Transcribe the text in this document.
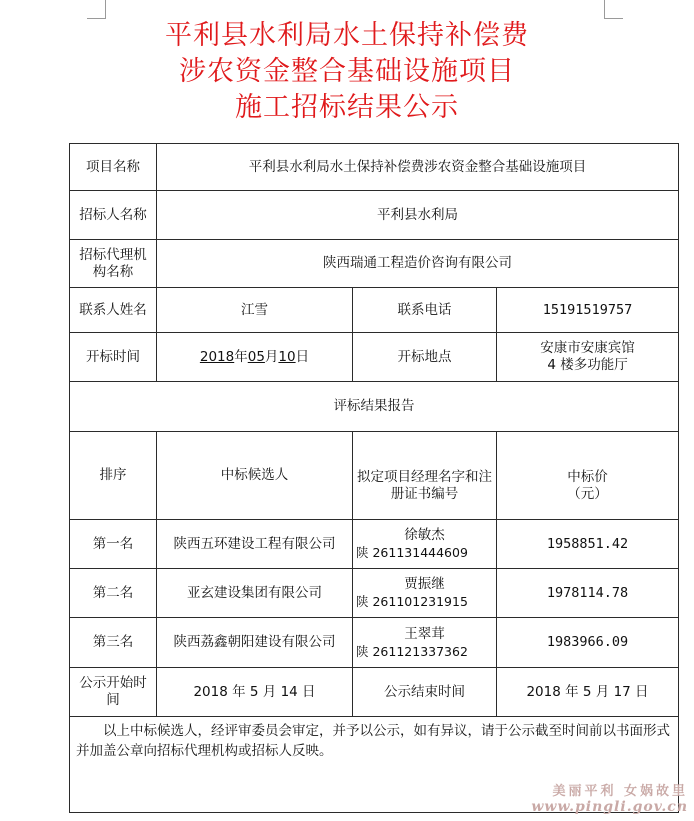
平利县水利局水土保持补偿费
涉农资金整合基础设施项目
施工招标结果公示
项目名称	平利县水利局水土保持补偿费涉农资金整合基础设施项目		
招标人名称	平利县水利局		
招标代理机构名称	陕西瑞通工程造价咨询有限公司		
联系人姓名	江雪	联系电话	15191519757
开标时间	2018年05月10日	开标地点	安康市安康宾馆
4 楼多功能厅

评标结果报告			
排序	中标候选人	拟定项目经理名字和注册证书编号	中标价
（元）

第一名	陕西五环建设工程有限公司	徐敏杰
陕 261131444609	1958851.42
第二名	亚玄建设集团有限公司	贾振继
陕 261101231915	1978114.78
第三名	陕西荔鑫朝阳建设有限公司	王翠茸
陕 261121337362	1983966.09
公示开始时间	2018 年 5 月 14 日	公示结束时间	2018 年 5 月 17 日
以上中标候选人，经评审委员会审定，并予以公示，如有异议，请于公示截至时间前以书面形式并加盖公章向招标代理机构或招标人反映。			
美丽平利 女娲故里
www.pingli.gov.cn
